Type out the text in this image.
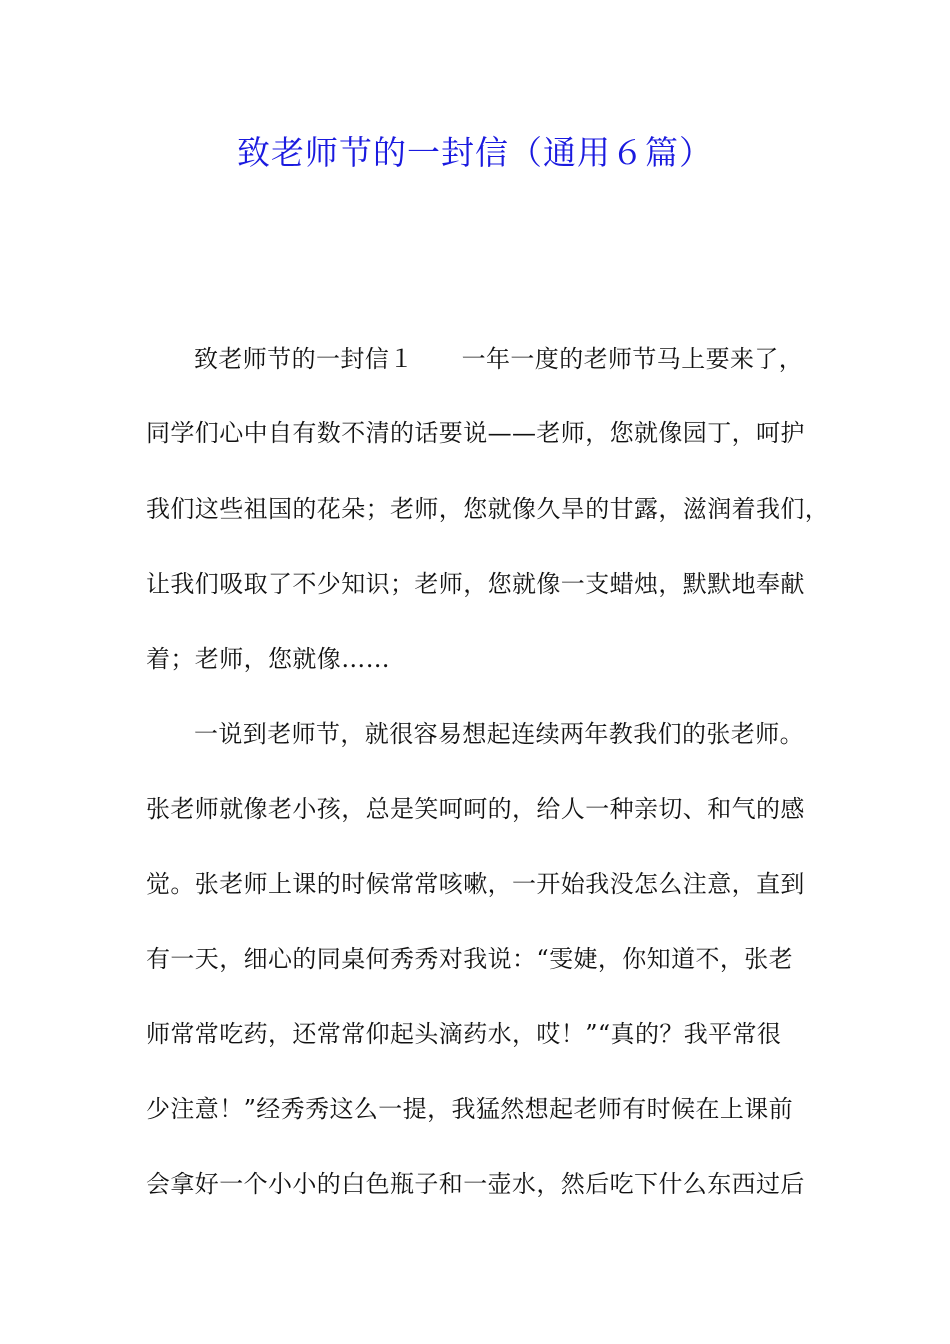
致老师节的一封信（通用６篇）
致老师节的一封信１ 一年一度的老师节马上要来了，
同学们心中自有数不清的话要说——老师，您就像园丁，呵护
我们这些祖国的花朵；老师，您就像久旱的甘露，滋润着我们，
让我们吸取了不少知识；老师，您就像一支蜡烛，默默地奉献
着；老师，您就像……
一说到老师节，就很容易想起连续两年教我们的张老师。
张老师就像老小孩，总是笑呵呵的，给人一种亲切、和气的感
觉。张老师上课的时候常常咳嗽，一开始我没怎么注意，直到
有一天，细心的同桌何秀秀对我说：“雯婕，你知道不，张老
师常常吃药，还常常仰起头滴药水，哎！”“真的？我平常很
少注意！”经秀秀这么一提，我猛然想起老师有时候在上课前
会拿好一个小小的白色瓶子和一壶水，然后吃下什么东西过后
